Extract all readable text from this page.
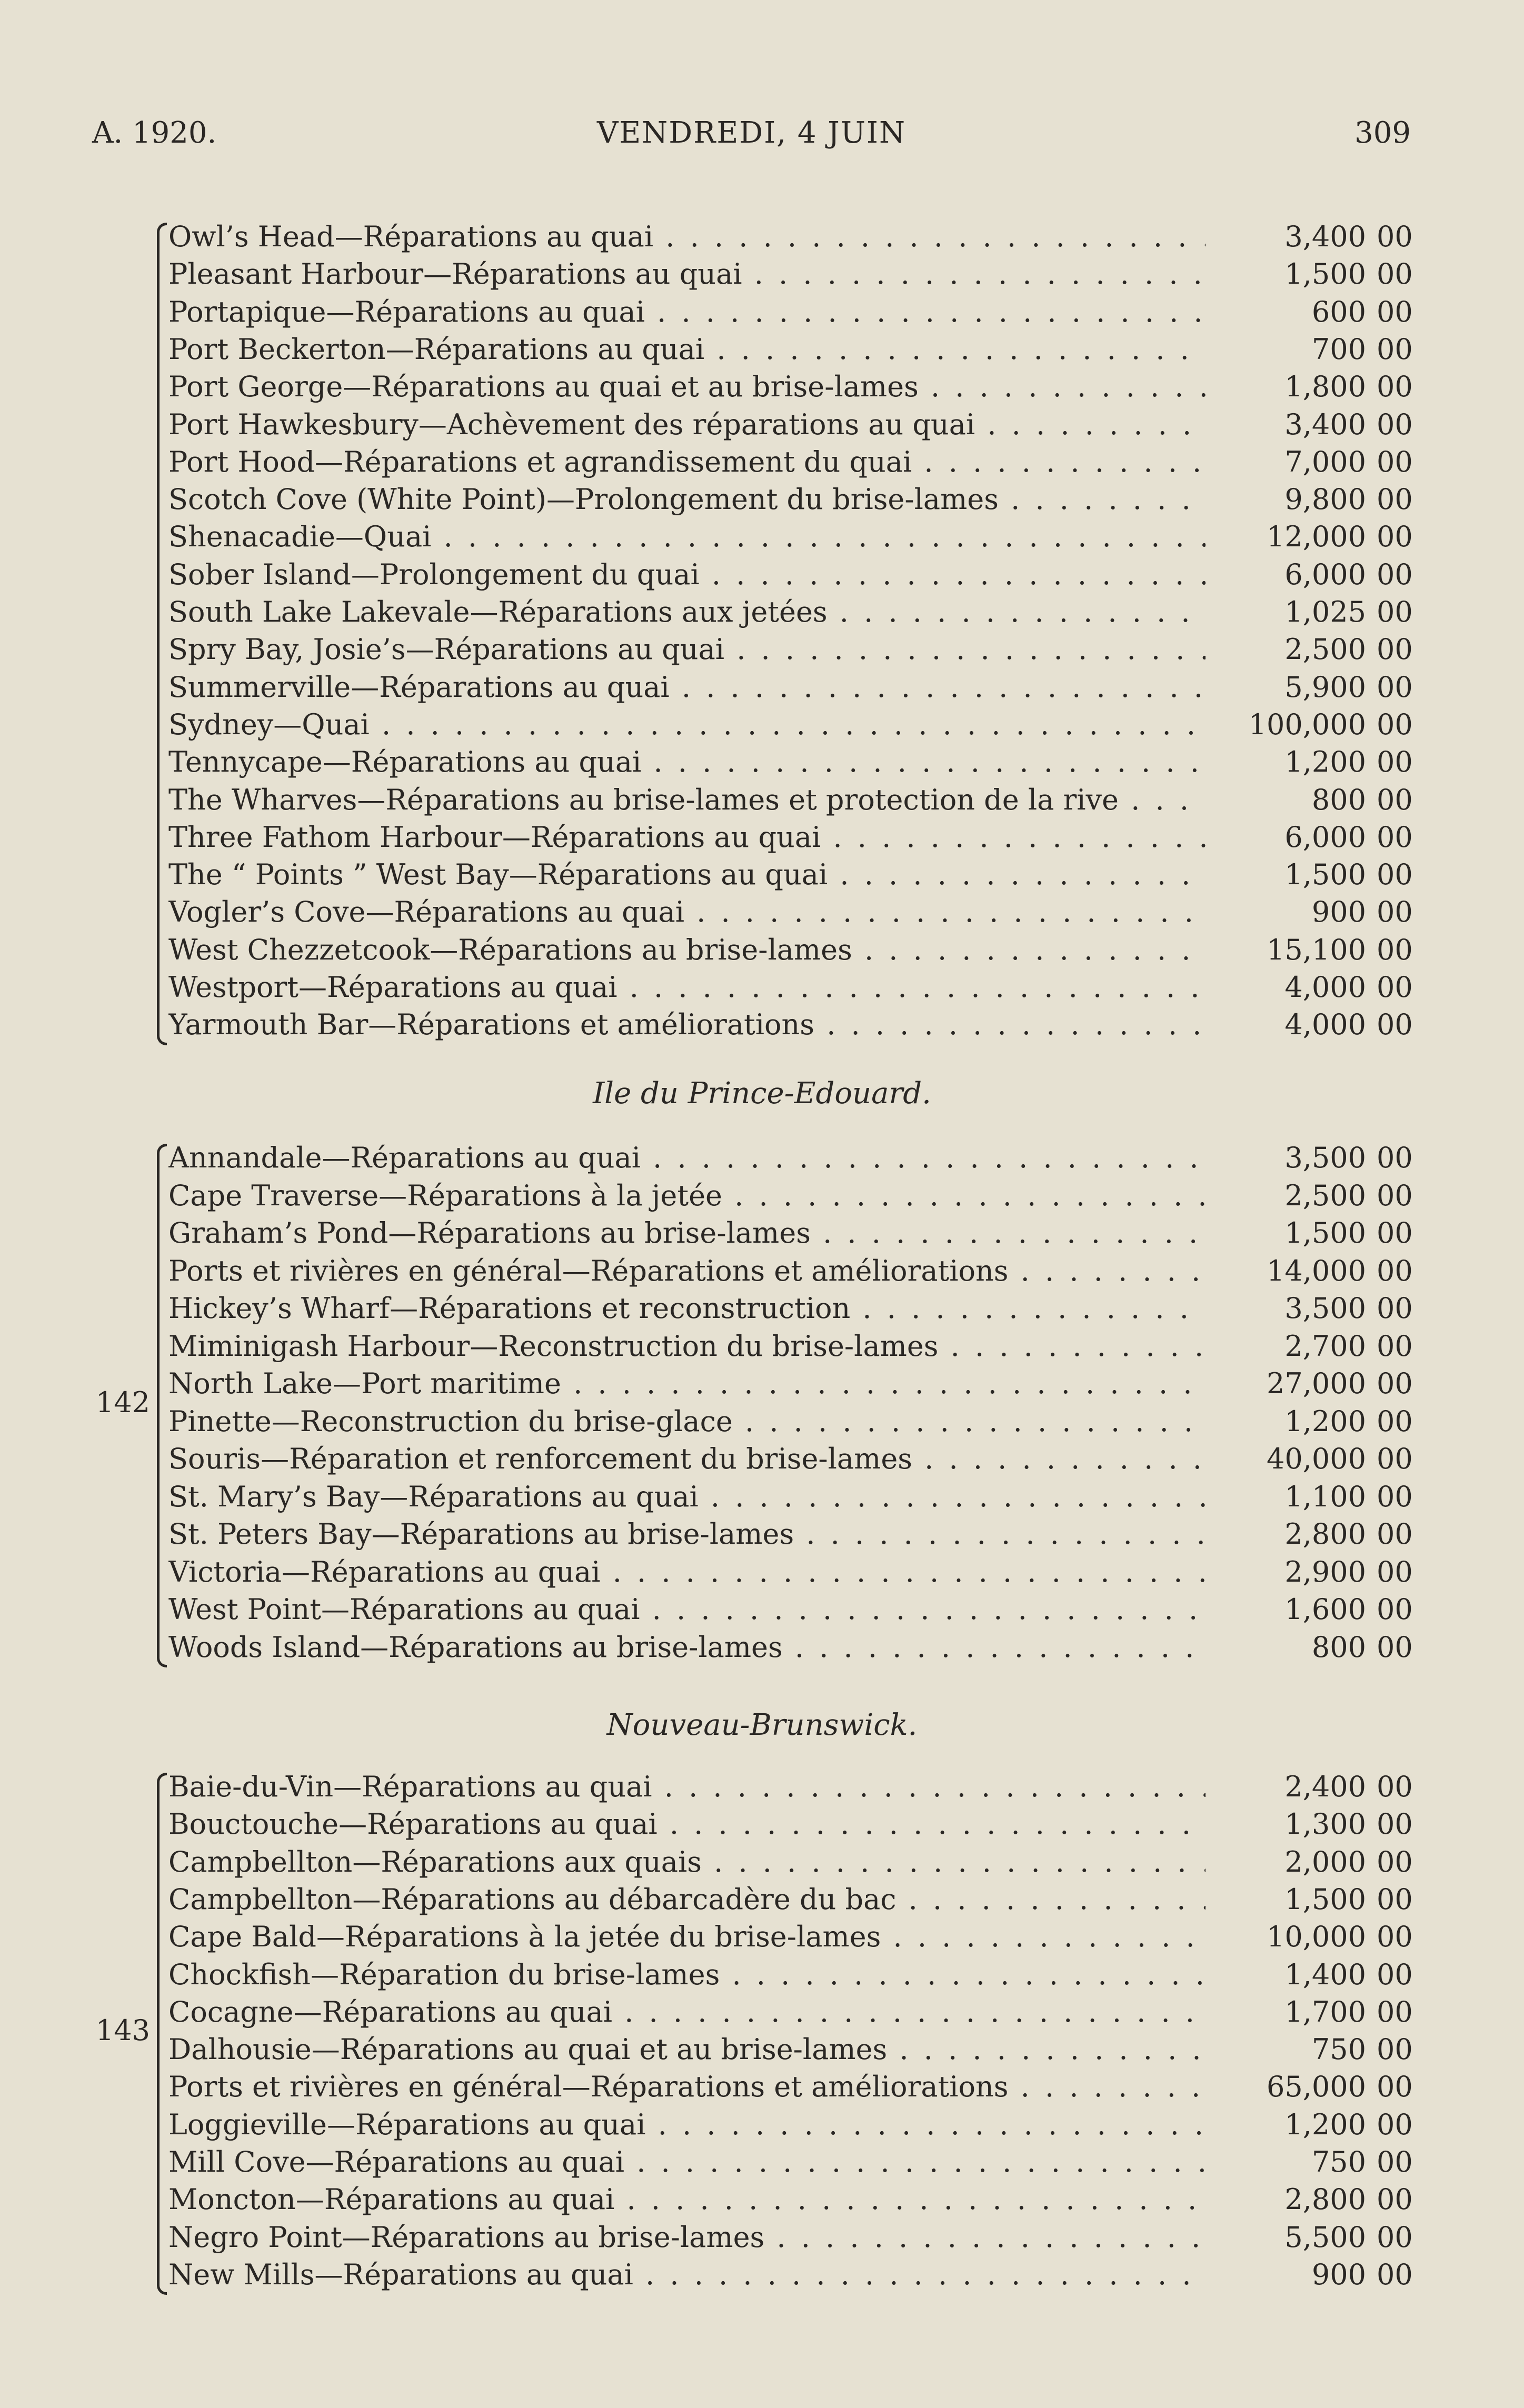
A. 1920.	VENDREDI, 4 JUIN	309
Owl’s Head—Réparations au quai . . .	3,400 00
Pleasant Harbour—Réparations au quai . . .	1,500 00
Portapique—Réparations au quai . . .	600 00
Port Beckerton—Réparations au quai . . .	700 00
Port George—Réparations au quai et au brise-lames . . .	1,800 00
Port Hawkesbury—Achèvement des réparations au quai . . .	3,400 00
Port Hood—Réparations et agrandissement du quai . . .	7,000 00
Scotch Cove (White Point)—Prolongement du brise-lames . . .	9,800 00
Shenacadie—Quai . . .	12,000 00
Sober Island—Prolongement du quai . . .	6,000 00
South Lake Lakevale—Réparations aux jetées . . .	1,025 00
Spry Bay, Josie’s—Réparations au quai . . .	2,500 00
Summerville—Réparations au quai . . .	5,900 00
Sydney—Quai . . .	100,000 00
Tennycape—Réparations au quai . . .	1,200 00
The Wharves—Réparations au brise-lames et protection de la rive . . .	800 00
Three Fathom Harbour—Réparations au quai . . .	6,000 00
The “ Points ” West Bay—Réparations au quai . . .	1,500 00
Vogler’s Cove—Réparations au quai . . .	900 00
West Chezzetcook—Réparations au brise-lames . . .	15,100 00
Westport—Réparations au quai . . .	4,000 00
Yarmouth Bar—Réparations et améliorations . . .	4,000 00
Ile du Prince-Edouard.
142
Annandale—Réparations au quai . . .	3,500 00
Cape Traverse—Réparations à la jetée . . .	2,500 00
Graham’s Pond—Réparations au brise-lames . . .	1,500 00
Ports et rivières en général—Réparations et améliorations . . .	14,000 00
Hickey’s Wharf—Réparations et reconstruction . . .	3,500 00
Miminigash Harbour—Reconstruction du brise-lames . . .	2,700 00
North Lake—Port maritime . . .	27,000 00
Pinette—Reconstruction du brise-glace . . .	1,200 00
Souris—Réparation et renforcement du brise-lames . . .	40,000 00
St. Mary’s Bay—Réparations au quai . . .	1,100 00
St. Peters Bay—Réparations au brise-lames . . .	2,800 00
Victoria—Réparations au quai . . .	2,900 00
West Point—Réparations au quai . . .	1,600 00
Woods Island—Réparations au brise-lames . . .	800 00
Nouveau-Brunswick.
143
Baie-du-Vin—Réparations au quai . . .	2,400 00
Bouctouche—Réparations au quai . . .	1,300 00
Campbellton—Réparations aux quais . . .	2,000 00
Campbellton—Réparations au débarcadère du bac . . .	1,500 00
Cape Bald—Réparations à la jetée du brise-lames . . .	10,000 00
Chockfish—Réparation du brise-lames . . .	1,400 00
Cocagne—Réparations au quai . . .	1,700 00
Dalhousie—Réparations au quai et au brise-lames . . .	750 00
Ports et rivières en général—Réparations et améliorations . . .	65,000 00
Loggieville—Réparations au quai . . .	1,200 00
Mill Cove—Réparations au quai . . .	750 00
Moncton—Réparations au quai . . .	2,800 00
Negro Point—Réparations au brise-lames . . .	5,500 00
New Mills—Réparations au quai . . .	900 00
